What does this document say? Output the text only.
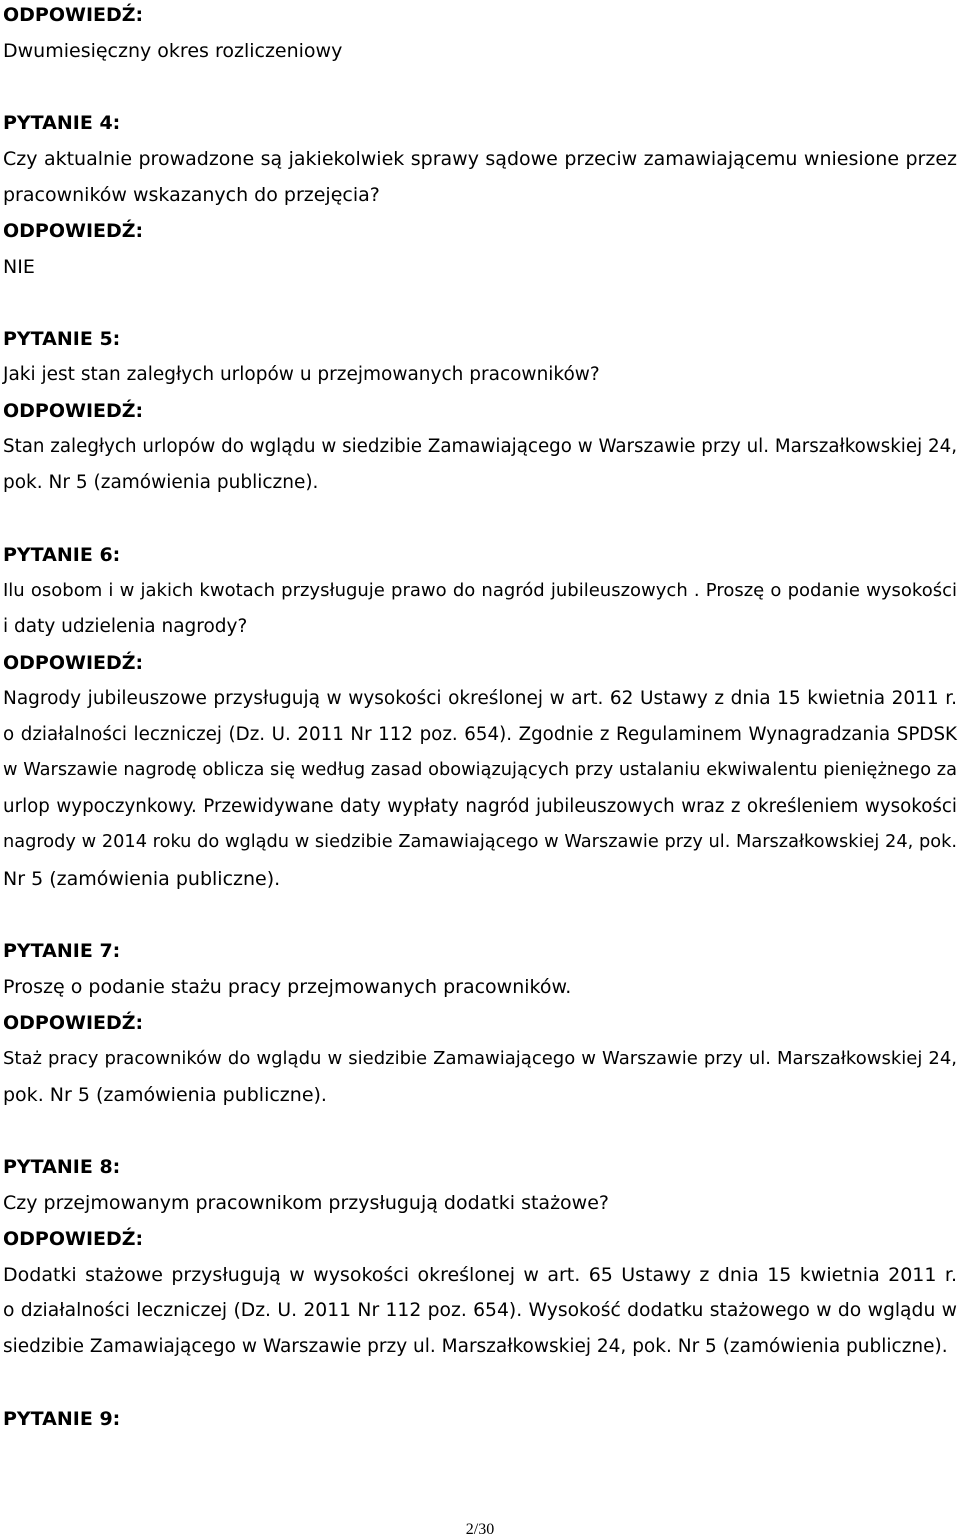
ODPOWIEDŹ:
Dwumiesięczny okres rozliczeniowy
PYTANIE 4:
Czy aktualnie prowadzone są jakiekolwiek sprawy sądowe przeciw zamawiającemu wniesione przez
pracowników wskazanych do przejęcia?
ODPOWIEDŹ:
NIE
PYTANIE 5:
Jaki jest stan zaległych urlopów u przejmowanych pracowników?
ODPOWIEDŹ:
Stan zaległych urlopów do wglądu w siedzibie Zamawiającego w Warszawie przy ul. Marszałkowskiej 24,
pok. Nr 5 (zamówienia publiczne).
PYTANIE 6:
Ilu osobom i w jakich kwotach przysługuje prawo do nagród jubileuszowych . Proszę o podanie wysokości
i daty udzielenia nagrody?
ODPOWIEDŹ:
Nagrody jubileuszowe przysługują w wysokości określonej w art. 62 Ustawy z dnia 15 kwietnia 2011 r.
o działalności leczniczej (Dz. U. 2011 Nr 112 poz. 654). Zgodnie z Regulaminem Wynagradzania SPDSK
w Warszawie nagrodę oblicza się według zasad obowiązujących przy ustalaniu ekwiwalentu pieniężnego za
urlop wypoczynkowy. Przewidywane daty wypłaty nagród jubileuszowych wraz z określeniem wysokości
nagrody w 2014 roku do wglądu w siedzibie Zamawiającego w Warszawie przy ul. Marszałkowskiej 24, pok.
Nr 5 (zamówienia publiczne).
PYTANIE 7:
Proszę o podanie stażu pracy przejmowanych pracowników.
ODPOWIEDŹ:
Staż pracy pracowników do wglądu w siedzibie Zamawiającego w Warszawie przy ul. Marszałkowskiej 24,
pok. Nr 5 (zamówienia publiczne).
PYTANIE 8:
Czy przejmowanym pracownikom przysługują dodatki stażowe?
ODPOWIEDŹ:
Dodatki stażowe przysługują w wysokości określonej w art. 65 Ustawy z dnia 15 kwietnia 2011 r.
o działalności leczniczej (Dz. U. 2011 Nr 112 poz. 654). Wysokość dodatku stażowego w do wglądu w
siedzibie Zamawiającego w Warszawie przy ul. Marszałkowskiej 24, pok. Nr 5 (zamówienia publiczne).
PYTANIE 9:
2/30
